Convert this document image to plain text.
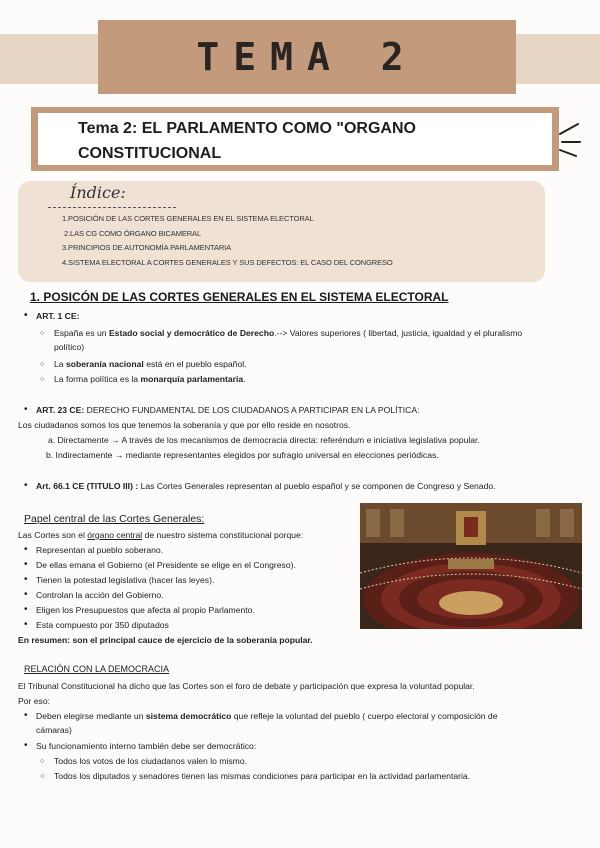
TEMA 2
Tema 2: EL PARLAMENTO COMO "ORGANO
CONSTITUCIONAL
Índice:
1.POSICIÓN DE LAS CORTES GENERALES EN EL SISTEMA ELECTORAL
2.LAS CG COMO ÓRGANO BICAMERAL
3.PRINCIPIOS DE AUTONOMÍA PARLAMENTARIA
4.SISTEMA ELECTORAL A CORTES GENERALES Y SUS DEFECTOS: EL CASO DEL CONGRESO
1. POSICÓN DE LAS CORTES GENERALES EN EL SISTEMA ELECTORAL
• ART. 1 CE:
○ España es un Estado social y democrático de Derecho.--> Valores superiores ( libertad, justicia, igualdad y el pluralismo
político)
○ La soberanía nacional está en el pueblo español.
○ La forma política es la monarquía parlamentaria.
• ART. 23 CE: DERECHO FUNDAMENTAL DE LOS CIUDADANOS A PARTICIPAR EN LA POLÍTICA:
Los ciudadanos somos los que tenemos la soberanía y que por ello reside en nosotros.
a. Directamente → A través de los mecanismos de democracia directa: referéndum e iniciativa legislativa popular.
b. Indirectamente → mediante representantes elegidos por sufragio universal en elecciones periódicas.
• Art. 66.1 CE (TITULO III) : Las Cortes Generales representan al pueblo español y se componen de Congreso y Senado.
Papel central de las Cortes Generales:
Las Cortes son el órgano central de nuestro sistema constitucional porque:
• Representan al pueblo soberano.
• De ellas emana el Gobierno (el Presidente se elige en el Congreso).
• Tienen la potestad legislativa (hacer las leyes).
• Controlan la acción del Gobierno.
• Eligen los Presupuestos que afecta al propio Parlamento.
• Esta compuesto por 350 diputados
En resumen: son el principal cauce de ejercicio de la soberanía popular.
RELACIÓN CON LA DEMOCRACIA
El Tribunal Constitucional ha dicho que las Cortes son el foro de debate y participación que expresa la voluntad popular.
Por eso:
• Deben elegirse mediante un sistema democrático que refleje la voluntad del pueblo ( cuerpo electoral y composición de
cámaras)
• Su funcionamiento interno también debe ser democrático:
○ Todos los votos de los ciudadanos valen lo mismo.
○ Todos los diputados y senadores tienen las mismas condiciones para participar en la actividad parlamentaria.
